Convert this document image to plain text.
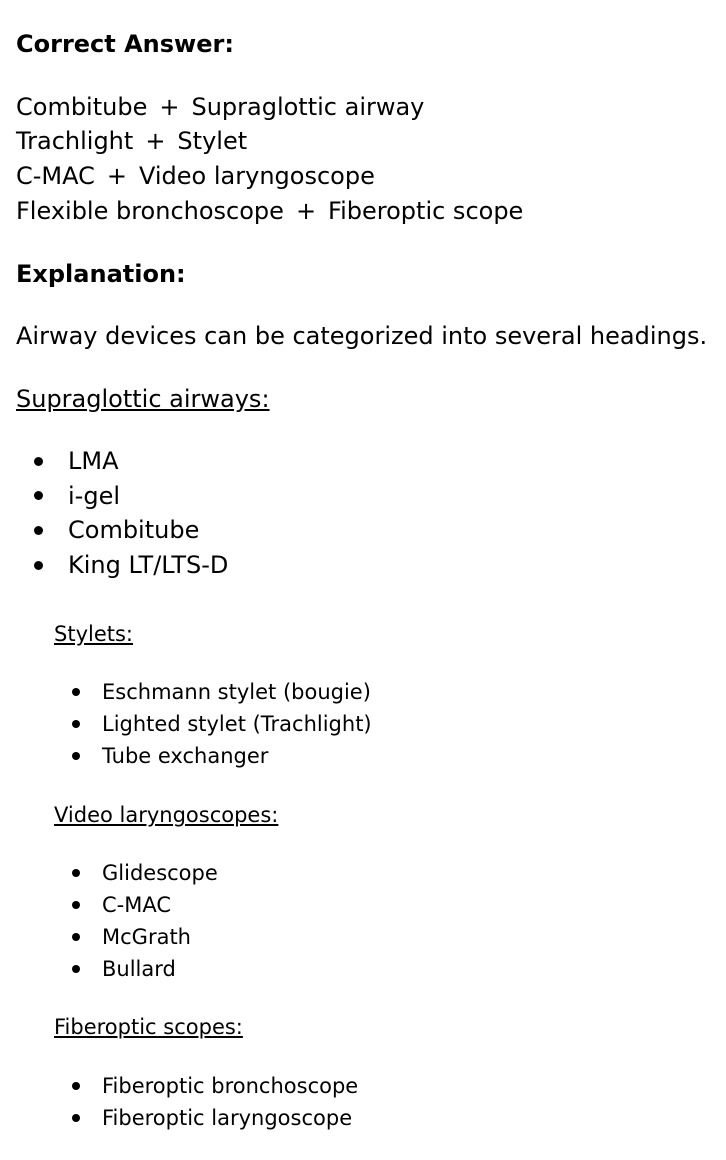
Correct Answer:
Combitube + Supraglottic airway
Trachlight + Stylet
C-MAC + Video laryngoscope
Flexible bronchoscope + Fiberoptic scope
Explanation:
Airway devices can be categorized into several headings.
Supraglottic airways:
LMA
i-gel
Combitube
King LT/LTS-D
Stylets:
Eschmann stylet (bougie)
Lighted stylet (Trachlight)
Tube exchanger
Video laryngoscopes:
Glidescope
C-MAC
McGrath
Bullard
Fiberoptic scopes:
Fiberoptic bronchoscope
Fiberoptic laryngoscope
